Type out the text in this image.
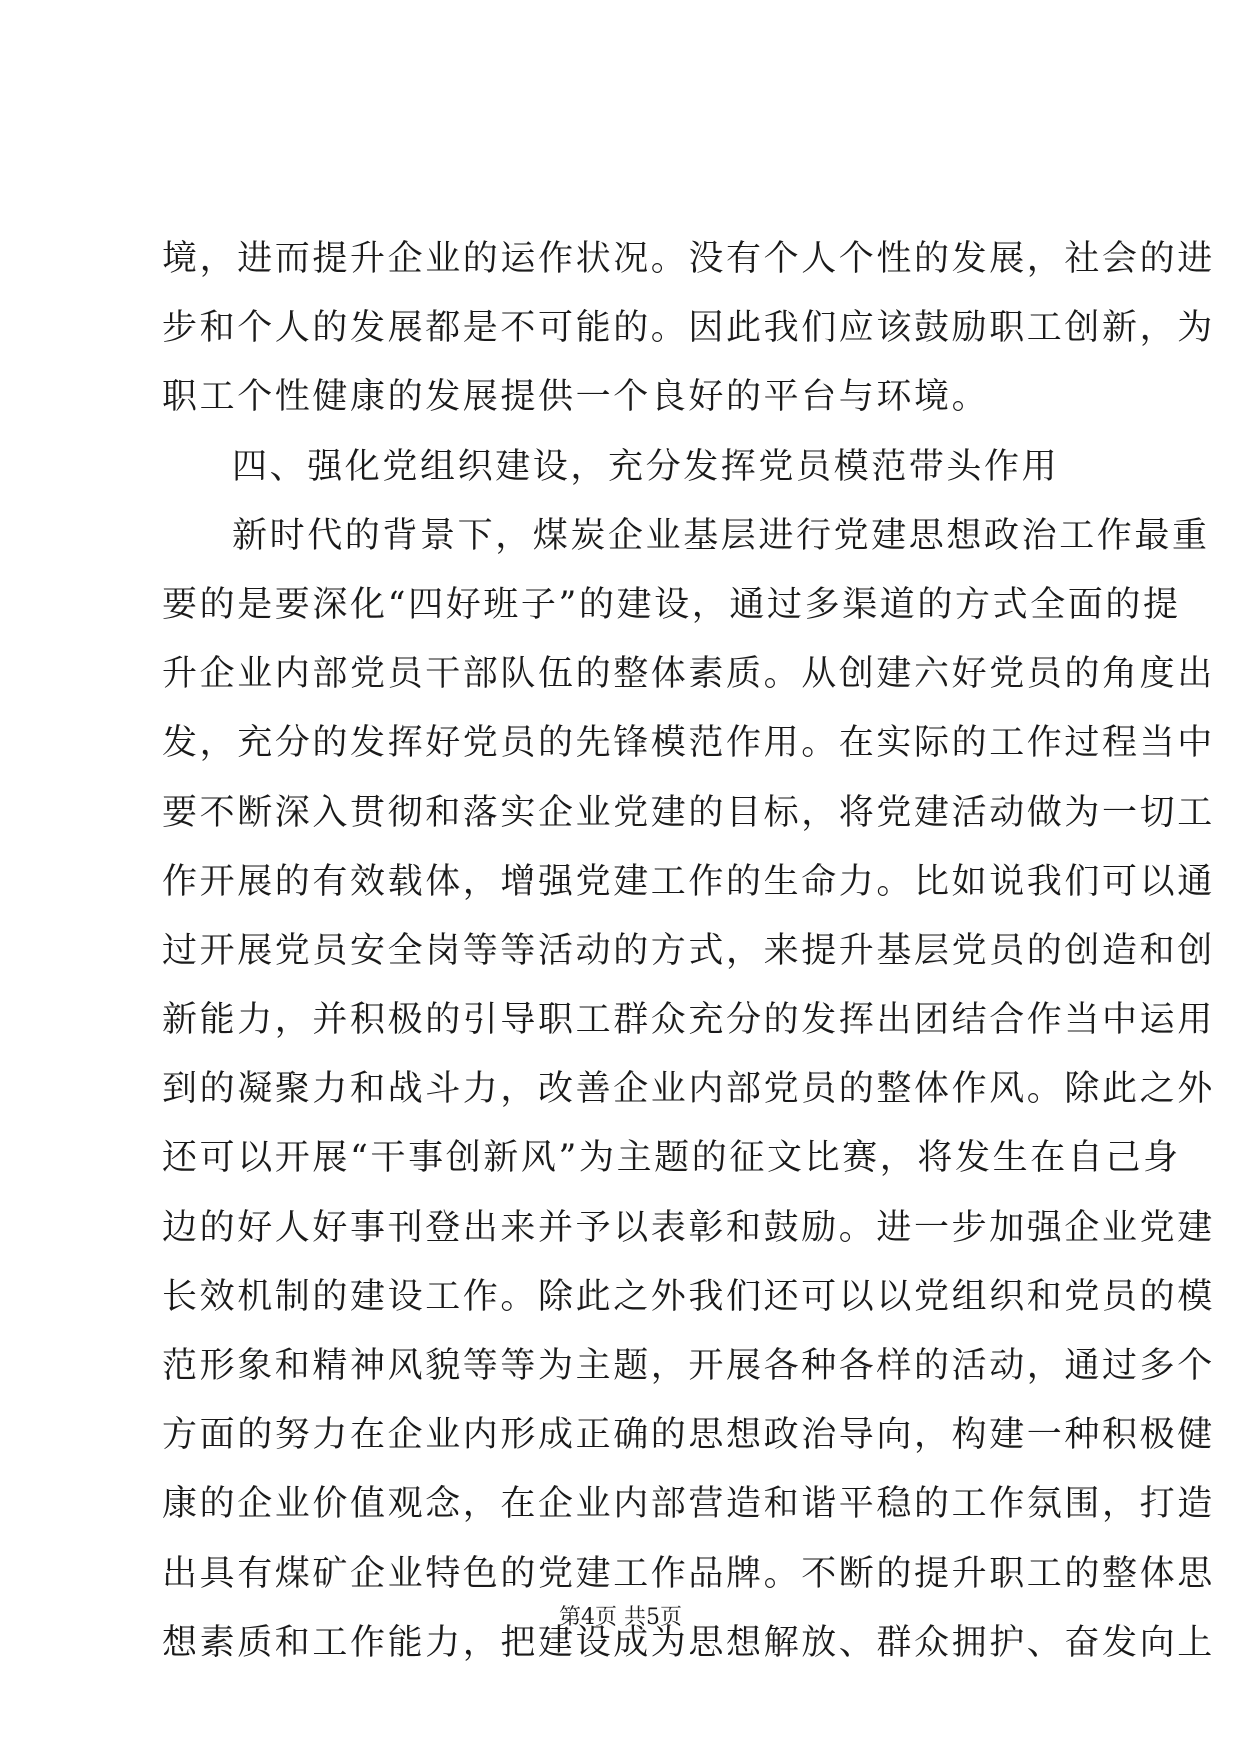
境，进而提升企业的运作状况。没有个人个性的发展，社会的进
步和个人的发展都是不可能的。因此我们应该鼓励职工创新，为
职工个性健康的发展提供一个良好的平台与环境。
四、强化党组织建设，充分发挥党员模范带头作用
新时代的背景下，煤炭企业基层进行党建思想政治工作最重
要的是要深化“四好班子”的建设，通过多渠道的方式全面的提
升企业内部党员干部队伍的整体素质。从创建六好党员的角度出
发，充分的发挥好党员的先锋模范作用。在实际的工作过程当中
要不断深入贯彻和落实企业党建的目标，将党建活动做为一切工
作开展的有效载体，增强党建工作的生命力。比如说我们可以通
过开展党员安全岗等等活动的方式，来提升基层党员的创造和创
新能力，并积极的引导职工群众充分的发挥出团结合作当中运用
到的凝聚力和战斗力，改善企业内部党员的整体作风。除此之外
还可以开展“干事创新风”为主题的征文比赛，将发生在自己身
边的好人好事刊登出来并予以表彰和鼓励。进一步加强企业党建
长效机制的建设工作。除此之外我们还可以以党组织和党员的模
范形象和精神风貌等等为主题，开展各种各样的活动，通过多个
方面的努力在企业内形成正确的思想政治导向，构建一种积极健
康的企业价值观念，在企业内部营造和谐平稳的工作氛围，打造
出具有煤矿企业特色的党建工作品牌。不断的提升职工的整体思
想素质和工作能力，把建设成为思想解放、群众拥护、奋发向上
第4页 共5页
